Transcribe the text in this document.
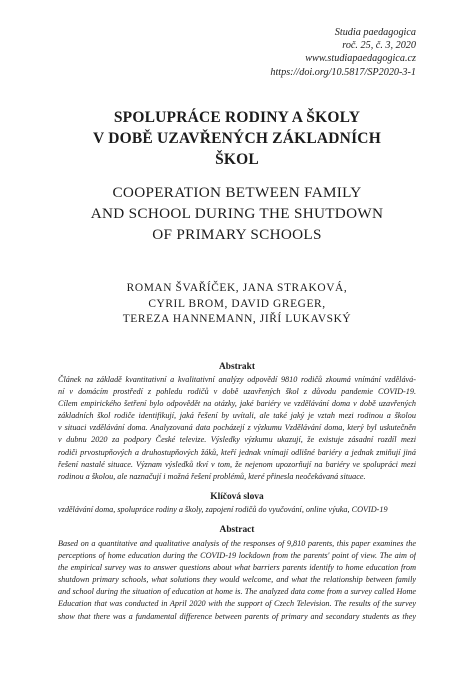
Studia paedagogica
roč. 25, č. 3, 2020
www.studiapaedagogica.cz
https://doi.org/10.5817/SP2020-3-1
SPOLUPRÁCE RODINY A ŠKOLY
V DOBĚ UZAVŘENÝCH ZÁKLADNÍCH
ŠKOL
COOPERATION BETWEEN FAMILY
AND SCHOOL DURING THE SHUTDOWN
OF PRIMARY SCHOOLS
ROMAN ŠVAŘÍČEK, JANA STRAKOVÁ,
CYRIL BROM, DAVID GREGER,
TEREZA HANNEMANN, JIŘÍ LUKAVSKÝ
Abstrakt
Článek na základě kvantitativní a kvalitativní analýzy odpovědí 9810 rodičů zkoumá vnímání vzdělává-
ní v domácím prostředí z pohledu rodičů v době uzavřených škol z důvodu pandemie COVID-19.
Cílem empirického šetření bylo odpovědět na otázky, jaké bariéry ve vzdělávání doma v době uzavřených
základních škol rodiče identifikují, jaká řešení by uvítali, ale také jaký je vztah mezi rodinou a školou
v situaci vzdělávání doma. Analyzovaná data pocházejí z výzkumu Vzdělávání doma, který byl uskutečněn
v dubnu 2020 za podpory České televize. Výsledky výzkumu ukazují, že existuje zásadní rozdíl mezi
rodiči prvostupňových a druhostupňových žáků, kteří jednak vnímají odlišné bariéry a jednak zmiňují jiná
řešení nastalé situace. Význam výsledků tkví v tom, že nejenom upozorňují na bariéry ve spolupráci mezi
rodinou a školou, ale naznačují i možná řešení problémů, které přinesla neočekávaná situace.
Klíčová slova
vzdělávání doma, spolupráce rodiny a školy, zapojení rodičů do vyučování, online výuka, COVID-19
Abstract
Based on a quantitative and qualitative analysis of the responses of 9,810 parents, this paper examines the
perceptions of home education during the COVID-19 lockdown from the parents' point of view. The aim of
the empirical survey was to answer questions about what barriers parents identify to home education from
shutdown primary schools, what solutions they would welcome, and what the relationship between family
and school during the situation of education at home is. The analyzed data come from a survey called Home
Education that was conducted in April 2020 with the support of Czech Television. The results of the survey
show that there was a fundamental difference between parents of primary and secondary students as they
